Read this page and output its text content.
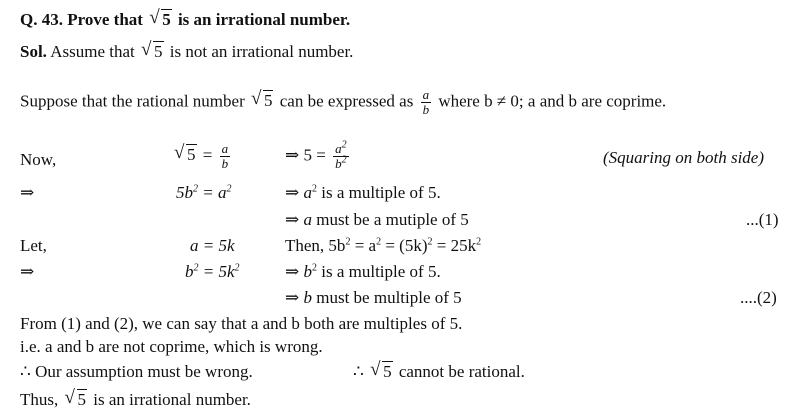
Q. 43. Prove that √ 5 is an irrational number.
Sol. Assume that √ 5 is not an irrational number.
Suppose that the rational number √ 5 can be expressed as $\frac{a}{b}$ where b ≠ 0; a and b are coprime.
Now,	√ $5 = \frac{a}{b}$	⇒ $5 = \frac{a^2}{b^2}$	(Squaring on both side)
⇒	$5b^2 = a^2$	⇒ $a^2$ is a multiple of 5.
⇒ a must be a mutiple of 5	...(1)
Let,	a = 5k	Then, $5b^2 = a^2 = (5k)^2 = 25k^2$
⇒	$b^2 = 5k^2$	⇒ $b^2$ is a multiple of 5.
⇒ b must be multiple of 5	....(2)
From (1) and (2), we can say that a and b both are multiples of 5.
i.e. a and b are not coprime, which is wrong.
∴ Our assumption must be wrong.	∴ √ 5 cannot be rational.
Thus, √ 5 is an irrational number.
